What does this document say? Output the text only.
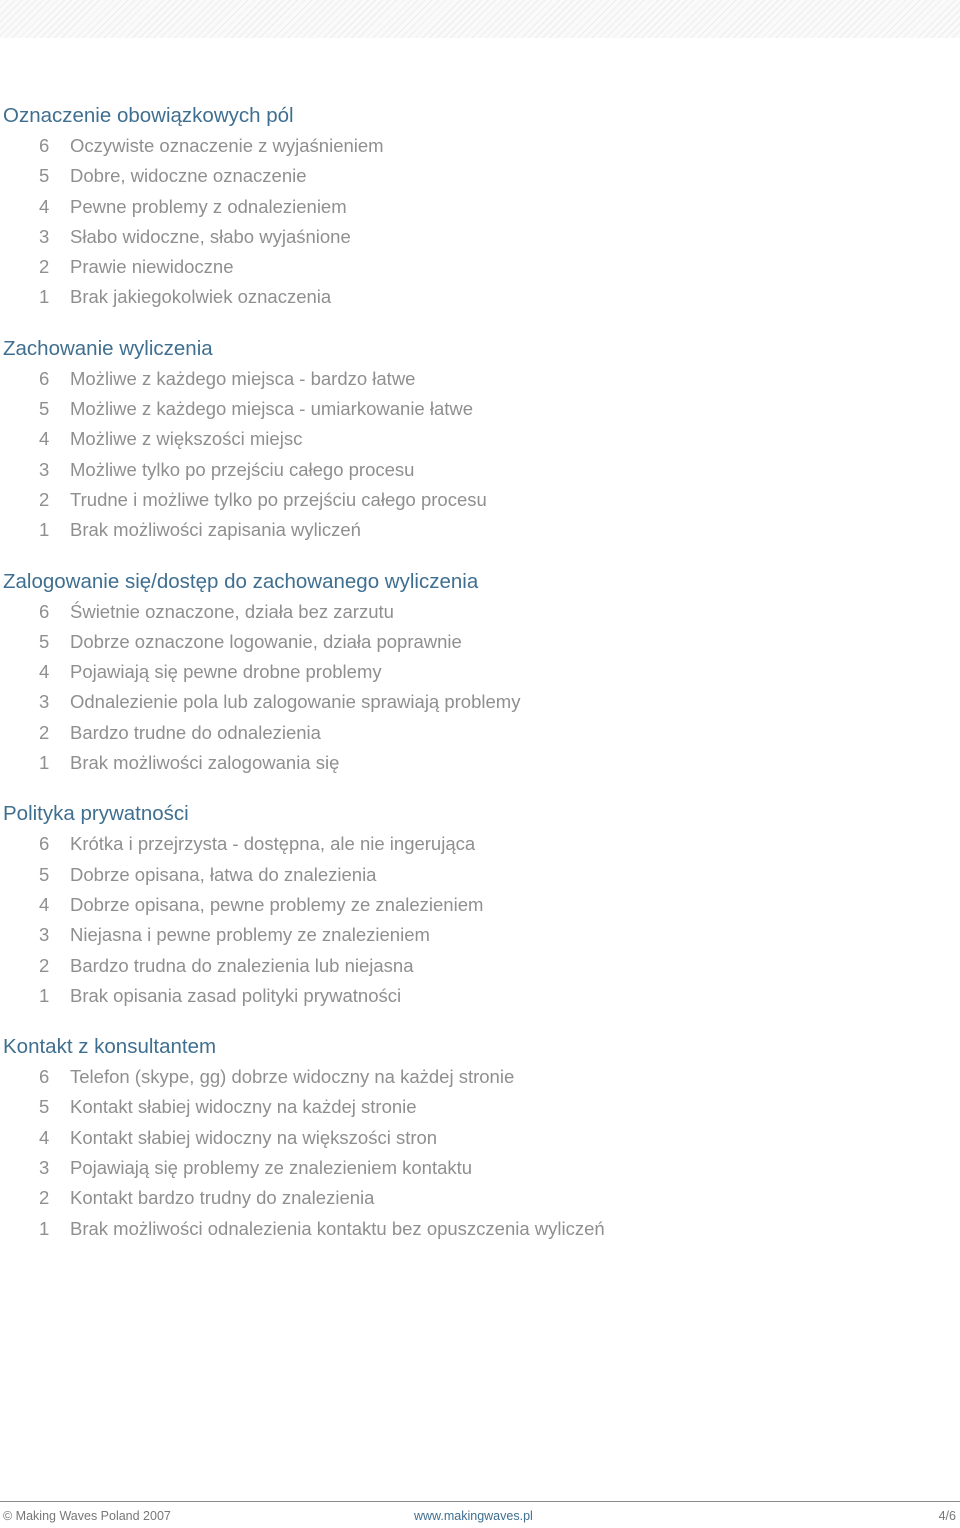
Oznaczenie obowiązkowych pól
6 Oczywiste oznaczenie z wyjaśnieniem
5 Dobre, widoczne oznaczenie
4 Pewne problemy z odnalezieniem
3 Słabo widoczne, słabo wyjaśnione
2 Prawie niewidoczne
1 Brak jakiegokolwiek oznaczenia
Zachowanie wyliczenia
6 Możliwe z każdego miejsca - bardzo łatwe
5 Możliwe z każdego miejsca - umiarkowanie łatwe
4 Możliwe z większości miejsc
3 Możliwe tylko po przejściu całego procesu
2 Trudne i możliwe tylko po przejściu całego procesu
1 Brak możliwości zapisania wyliczeń
Zalogowanie się/dostęp do zachowanego wyliczenia
6 Świetnie oznaczone, działa bez zarzutu
5 Dobrze oznaczone logowanie, działa poprawnie
4 Pojawiają się pewne drobne problemy
3 Odnalezienie pola lub zalogowanie sprawiają problemy
2 Bardzo trudne do odnalezienia
1 Brak możliwości zalogowania się
Polityka prywatności
6 Krótka i przejrzysta - dostępna, ale nie ingerująca
5 Dobrze opisana, łatwa do znalezienia
4 Dobrze opisana, pewne problemy ze znalezieniem
3 Niejasna i pewne problemy ze znalezieniem
2 Bardzo trudna do znalezienia lub niejasna
1 Brak opisania zasad polityki prywatności
Kontakt z konsultantem
6 Telefon (skype, gg) dobrze widoczny na każdej stronie
5 Kontakt słabiej widoczny na każdej stronie
4 Kontakt słabiej widoczny na większości stron
3 Pojawiają się problemy ze znalezieniem kontaktu
2 Kontakt bardzo trudny do znalezienia
1 Brak możliwości odnalezienia kontaktu bez opuszczenia wyliczeń
© Making Waves Poland 2007	www.makingwaves.pl	4/6
